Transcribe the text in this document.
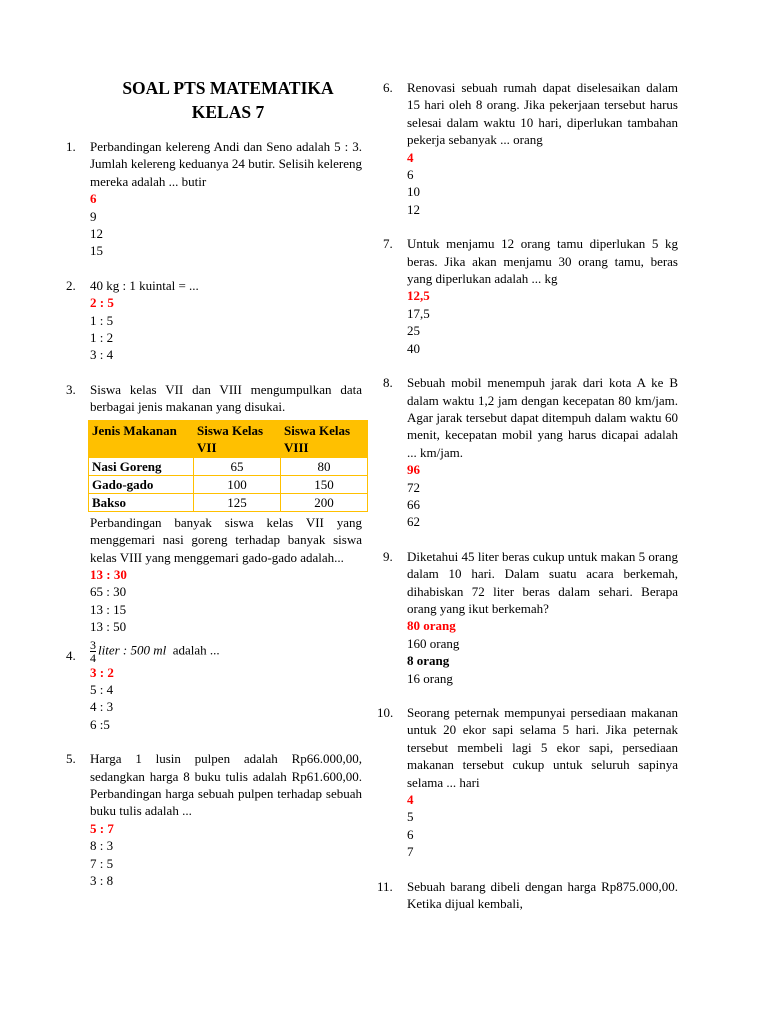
SOAL PTS MATEMATIKA
KELAS 7
1. Perbandingan kelereng Andi dan Seno adalah 5 : 3. Jumlah kelereng keduanya 24 butir. Selisih kelereng mereka adalah ... butir
6
9
12
15
2. 40 kg : 1 kuintal = ...
2 : 5
1 : 5
1 : 2
3 : 4
3. Siswa kelas VII dan VIII mengumpulkan data berbagai jenis makanan yang disukai.
Jenis Makanan	Siswa Kelas VII	Siswa Kelas VIII
Nasi Goreng	65	80
Gado-gado	100	150
Bakso	125	200
Perbandingan banyak siswa kelas VII yang menggemari nasi goreng terhadap banyak siswa kelas VIII yang menggemari gado-gado adalah...
13 : 30
65 : 30
13 : 15
13 : 50
4. $\frac{3}{4}$ liter : 500 ml adalah ...
3 : 2
5 : 4
4 : 3
6 :5
5. Harga 1 lusin pulpen adalah Rp66.000,00, sedangkan harga 8 buku tulis adalah Rp61.600,00. Perbandingan harga sebuah pulpen terhadap sebuah buku tulis adalah ...
5 : 7
8 : 3
7 : 5
3 : 8
6. Renovasi sebuah rumah dapat diselesaikan dalam 15 hari oleh 8 orang. Jika pekerjaan tersebut harus selesai dalam waktu 10 hari, diperlukan tambahan pekerja sebanyak ... orang
4
6
10
12
7. Untuk menjamu 12 orang tamu diperlukan 5 kg beras. Jika akan menjamu 30 orang tamu, beras yang diperlukan adalah ... kg
12,5
17,5
25
40
8. Sebuah mobil menempuh jarak dari kota A ke B dalam waktu 1,2 jam dengan kecepatan 80 km/jam. Agar jarak tersebut dapat ditempuh dalam waktu 60 menit, kecepatan mobil yang harus dicapai adalah ... km/jam.
96
72
66
62
9. Diketahui 45 liter beras cukup untuk makan 5 orang dalam 10 hari. Dalam suatu acara berkemah, dihabiskan 72 liter beras dalam sehari. Berapa orang yang ikut berkemah?
80 orang
160 orang
8 orang
16 orang
10. Seorang peternak mempunyai persediaan makanan untuk 20 ekor sapi selama 5 hari. Jika peternak tersebut membeli lagi 5 ekor sapi, persediaan makanan tersebut cukup untuk seluruh sapinya selama ... hari
4
5
6
7
11. Sebuah barang dibeli dengan harga Rp875.000,00. Ketika dijual kembali,
